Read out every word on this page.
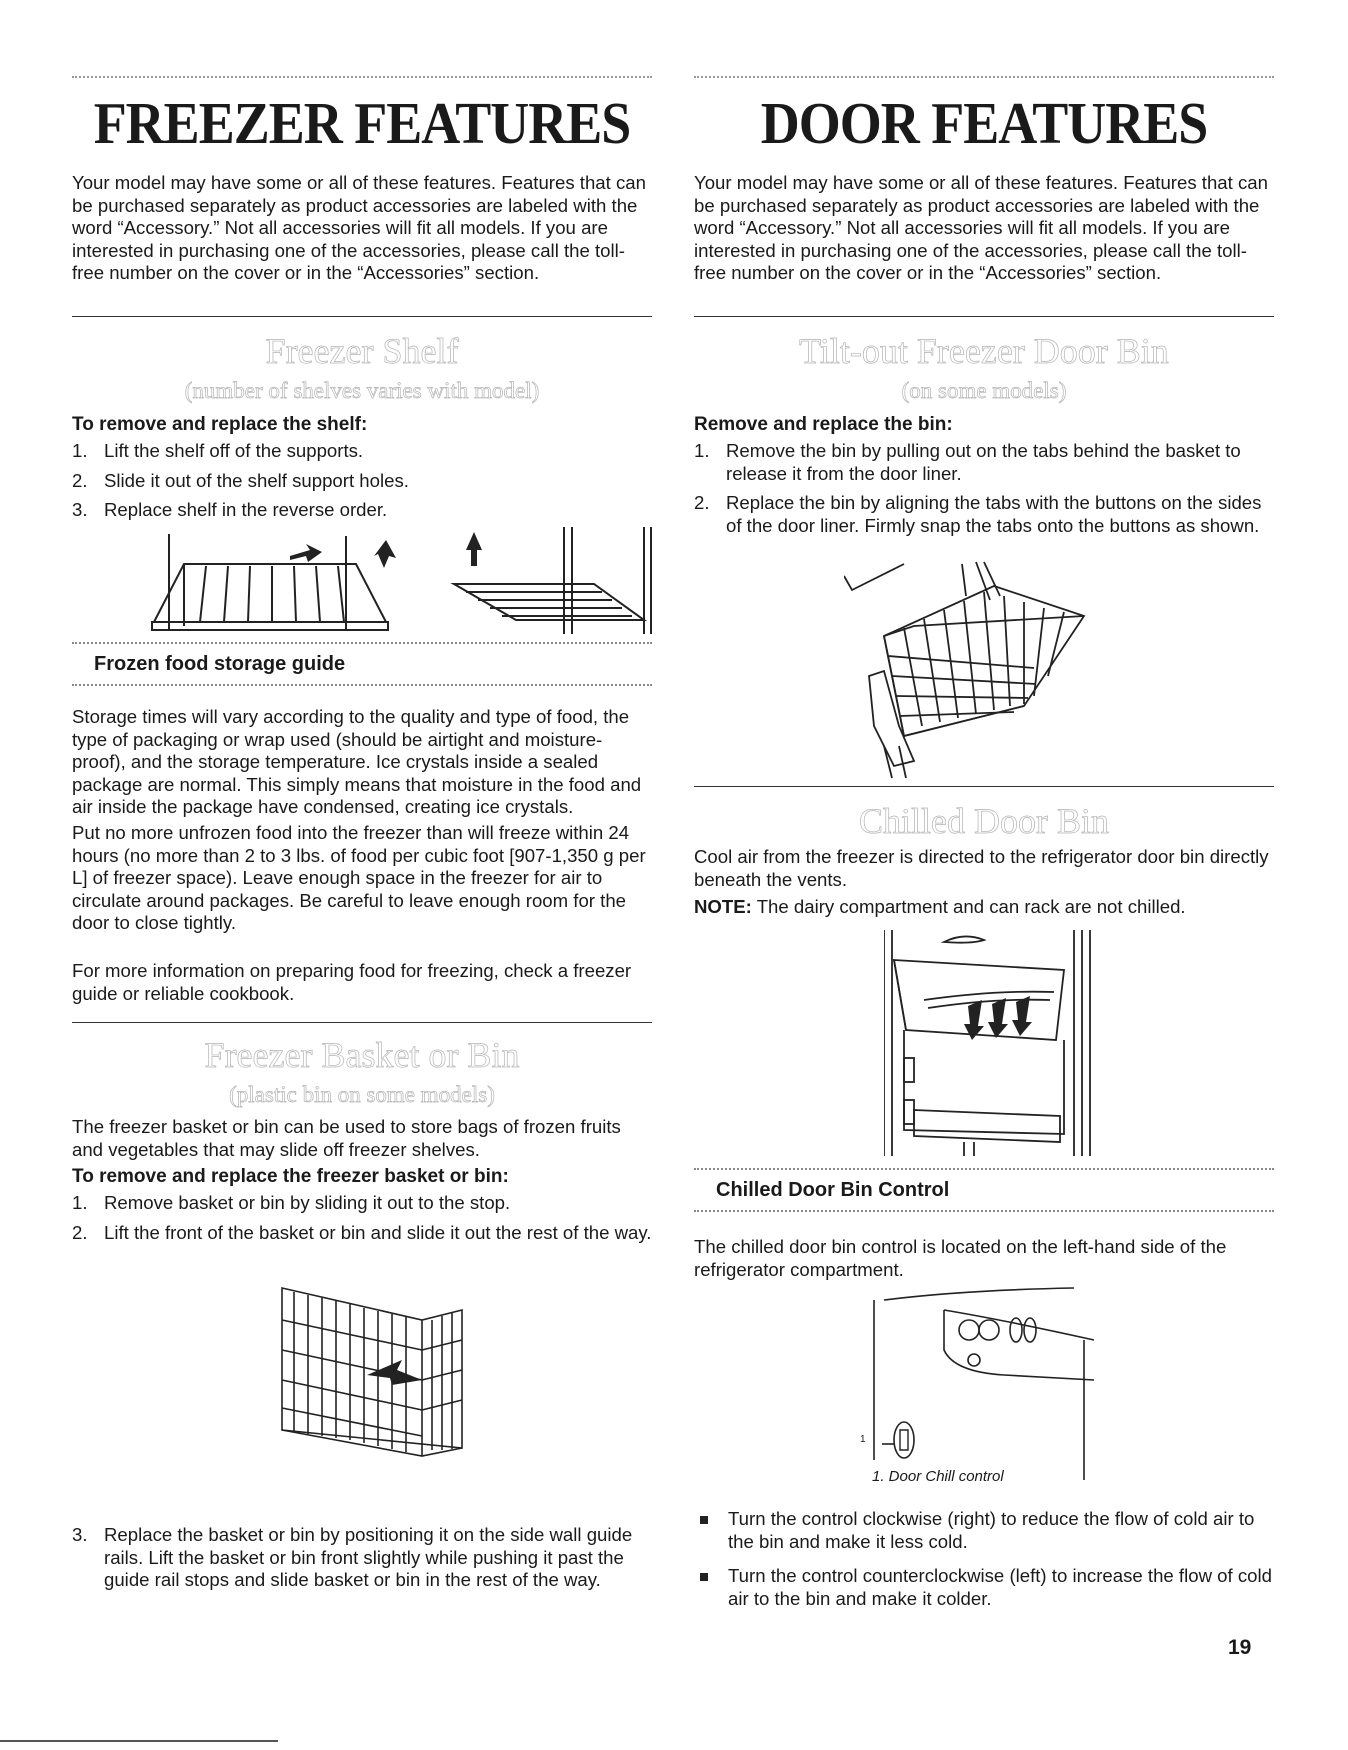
FREEZER FEATURES

Your model may have some or all of these features. Features that can be purchased separately as product accessories are labeled with the word “Accessory.” Not all accessories will fit all models. If you are interested in purchasing one of the accessories, please call the toll-free number on the cover or in the “Accessories” section.

Freezer Shelf
(number of shelves varies with model)
To remove and replace the shelf:
1. Lift the shelf off of the supports.
2. Slide it out of the shelf support holes.
3. Replace shelf in the reverse order.
Frozen food storage guide

Storage times will vary according to the quality and type of food, the type of packaging or wrap used (should be airtight and moisture-proof), and the storage temperature. Ice crystals inside a sealed package are normal. This simply means that moisture in the food and air inside the package have condensed, creating ice crystals.

Put no more unfrozen food into the freezer than will freeze within 24 hours (no more than 2 to 3 lbs. of food per cubic foot [907-1,350 g per L] of freezer space). Leave enough space in the freezer for air to circulate around packages. Be careful to leave enough room for the door to close tightly.

For more information on preparing food for freezing, check a freezer guide or reliable cookbook.

Freezer Basket or Bin
(plastic bin on some models)

The freezer basket or bin can be used to store bags of frozen fruits and vegetables that may slide off freezer shelves.

To remove and replace the freezer basket or bin:
1. Remove basket or bin by sliding it out to the stop.
2. Lift the front of the basket or bin and slide it out the rest of the way.
3. Replace the basket or bin by positioning it on the side wall guide rails. Lift the basket or bin front slightly while pushing it past the guide rail stops and slide basket or bin in the rest of the way.
DOOR FEATURES

Your model may have some or all of these features. Features that can be purchased separately as product accessories are labeled with the word “Accessory.” Not all accessories will fit all models. If you are interested in purchasing one of the accessories, please call the toll-free number on the cover or in the “Accessories” section.

Tilt-out Freezer Door Bin
(on some models)
Remove and replace the bin:
1. Remove the bin by pulling out on the tabs behind the basket to release it from the door liner.
2. Replace the bin by aligning the tabs with the buttons on the sides of the door liner. Firmly snap the tabs onto the buttons as shown.
Chilled Door Bin

Cool air from the freezer is directed to the refrigerator door bin directly beneath the vents.

NOTE: The dairy compartment and can rack are not chilled.

Chilled Door Bin Control

The chilled door bin control is located on the left-hand side of the refrigerator compartment.

1
1. Door Chill control
Turn the control clockwise (right) to reduce the flow of cold air to the bin and make it less cold.
Turn the control counterclockwise (left) to increase the flow of cold air to the bin and make it colder.
19
